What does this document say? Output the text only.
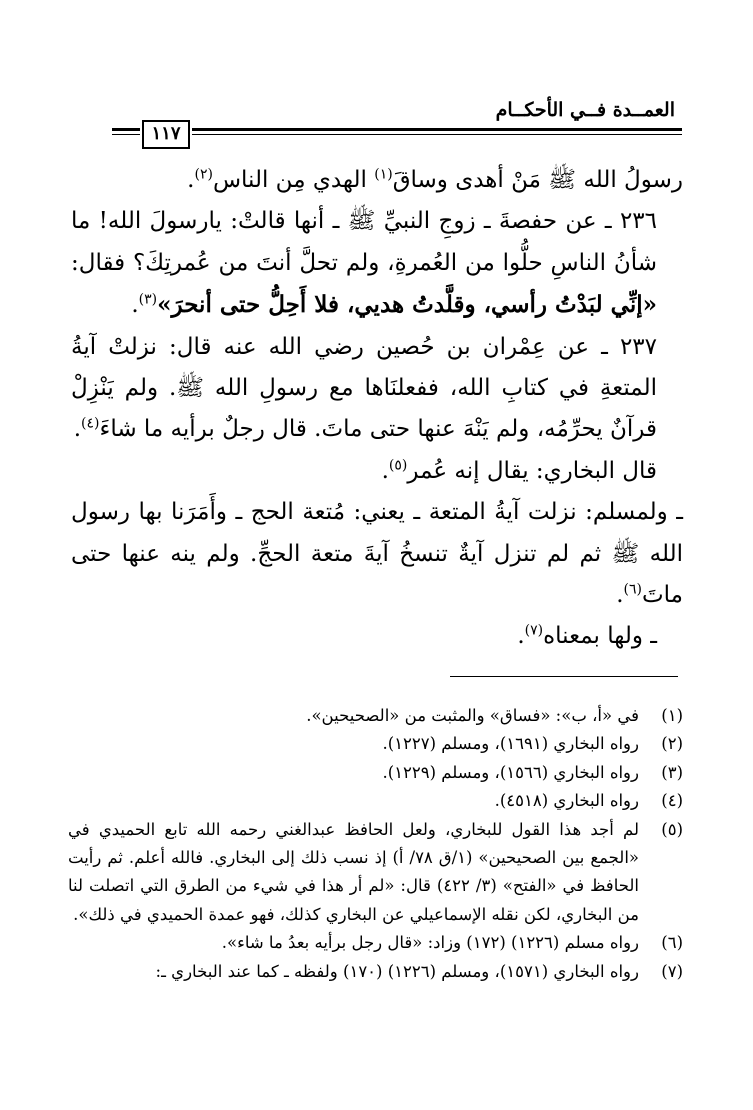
العمــدة فــي الأحكــام
١١٧

رسولُ الله ﷺ مَنْ أهدى وساقَ$^{(١)}$ الهدي مِن الناس$^{(٢)}$.

٢٣٦ ـ عن حفصةَ ـ زوجِ النبيِّ ﷺ ـ أنها قالتْ: يارسولَ الله! ما شأنُ الناسِ حلُّوا من العُمرةِ، ولم تحلَّ أنتَ من عُمرتِكَ؟ فقال: «إنِّي لبَدْتُ رأسي، وقلَّدتُ هديي، فلا أَحِلُّ حتى أنحرَ»$^{(٣)}$.

٢٣٧ ـ عن عِمْران بن حُصين رضي الله عنه قال: نزلتْ آيةُ المتعةِ في كتابِ الله، ففعلنَاها مع رسولِ الله ﷺ. ولم يَنْزِلْ قرآنٌ يحرِّمُه، ولم يَنْهَ عنها حتى ماتَ. قال رجلٌ برأيه ما شاءَ$^{(٤)}$.

قال البخاري: يقال إنه عُمر$^{(٥)}$.

ـ ولمسلم: نزلت آيةُ المتعة ـ يعني: مُتعة الحج ـ وأَمَرَنا بها رسول الله ﷺ ثم لم تنزل آيةٌ تنسخُ آيةَ متعة الحجِّ. ولم ينه عنها حتى ماتَ$^{(٦)}$.

ـ ولها بمعناه$^{(٧)}$.

(١)
في «أ، ب»: «فساق» والمثبت من «الصحيحين».
(٢)
رواه البخاري (١٦٩١)، ومسلم (١٢٢٧).
(٣)
رواه البخاري (١٥٦٦)، ومسلم (١٢٢٩).
(٤)
رواه البخاري (٤٥١٨).
(٥)
لم أجد هذا القول للبخاري، ولعل الحافظ عبدالغني رحمه الله تابع الحميدي في «الجمع بين الصحيحين» (١/ق ٧٨/ أ) إذ نسب ذلك إلى البخاري. فالله أعلم. ثم رأيت الحافظ في «الفتح» (٣/ ٤٢٢) قال: «لم أر هذا في شيء من الطرق التي اتصلت لنا من البخاري، لكن نقله الإسماعيلي عن البخاري كذلك، فهو عمدة الحميدي في ذلك».
(٦)
رواه مسلم (١٢٢٦) (١٧٢) وزاد: «قال رجل برأيه بعدُ ما شاء».
(٧)
رواه البخاري (١٥٧١)، ومسلم (١٢٢٦) (١٧٠) ولفظه ـ كما عند البخاري ـ:
